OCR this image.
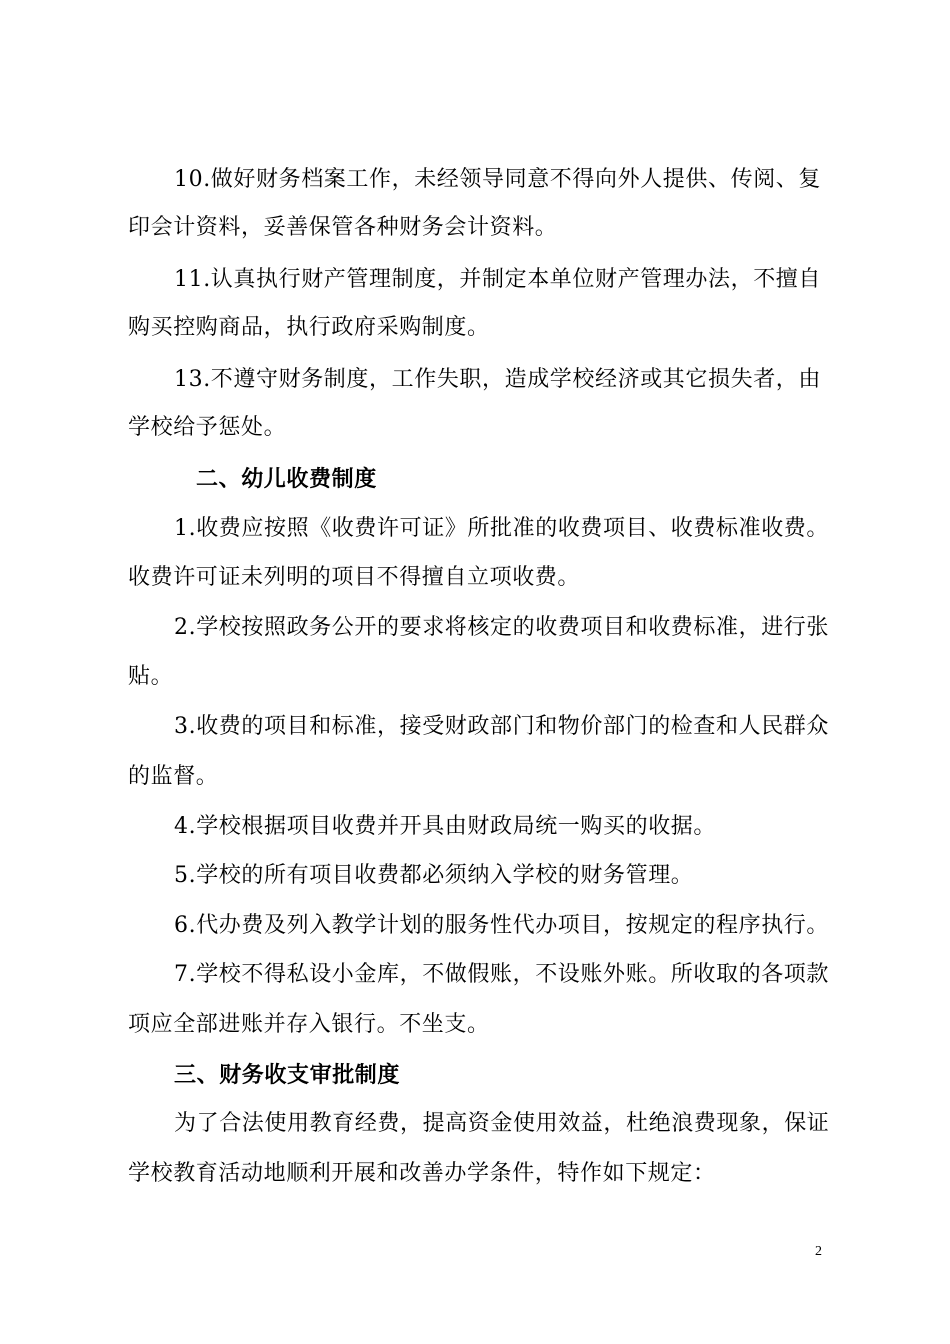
10.做好财务档案工作，未经领导同意不得向外人提供、传阅、复
印会计资料，妥善保管各种财务会计资料。
11.认真执行财产管理制度，并制定本单位财产管理办法，不擅自
购买控购商品，执行政府采购制度。
13.不遵守财务制度，工作失职，造成学校经济或其它损失者，由
学校给予惩处。
二、幼儿收费制度
1.收费应按照《收费许可证》所批准的收费项目、收费标准收费。
收费许可证未列明的项目不得擅自立项收费。
2.学校按照政务公开的要求将核定的收费项目和收费标准，进行张
贴。
3.收费的项目和标准，接受财政部门和物价部门的检查和人民群众
的监督。
4.学校根据项目收费并开具由财政局统一购买的收据。
5.学校的所有项目收费都必须纳入学校的财务管理。
6.代办费及列入教学计划的服务性代办项目，按规定的程序执行。
7.学校不得私设小金库，不做假账，不设账外账。所收取的各项款
项应全部进账并存入银行。不坐支。
三、财务收支审批制度
为了合法使用教育经费，提高资金使用效益，杜绝浪费现象，保证
学校教育活动地顺利开展和改善办学条件，特作如下规定：
2
